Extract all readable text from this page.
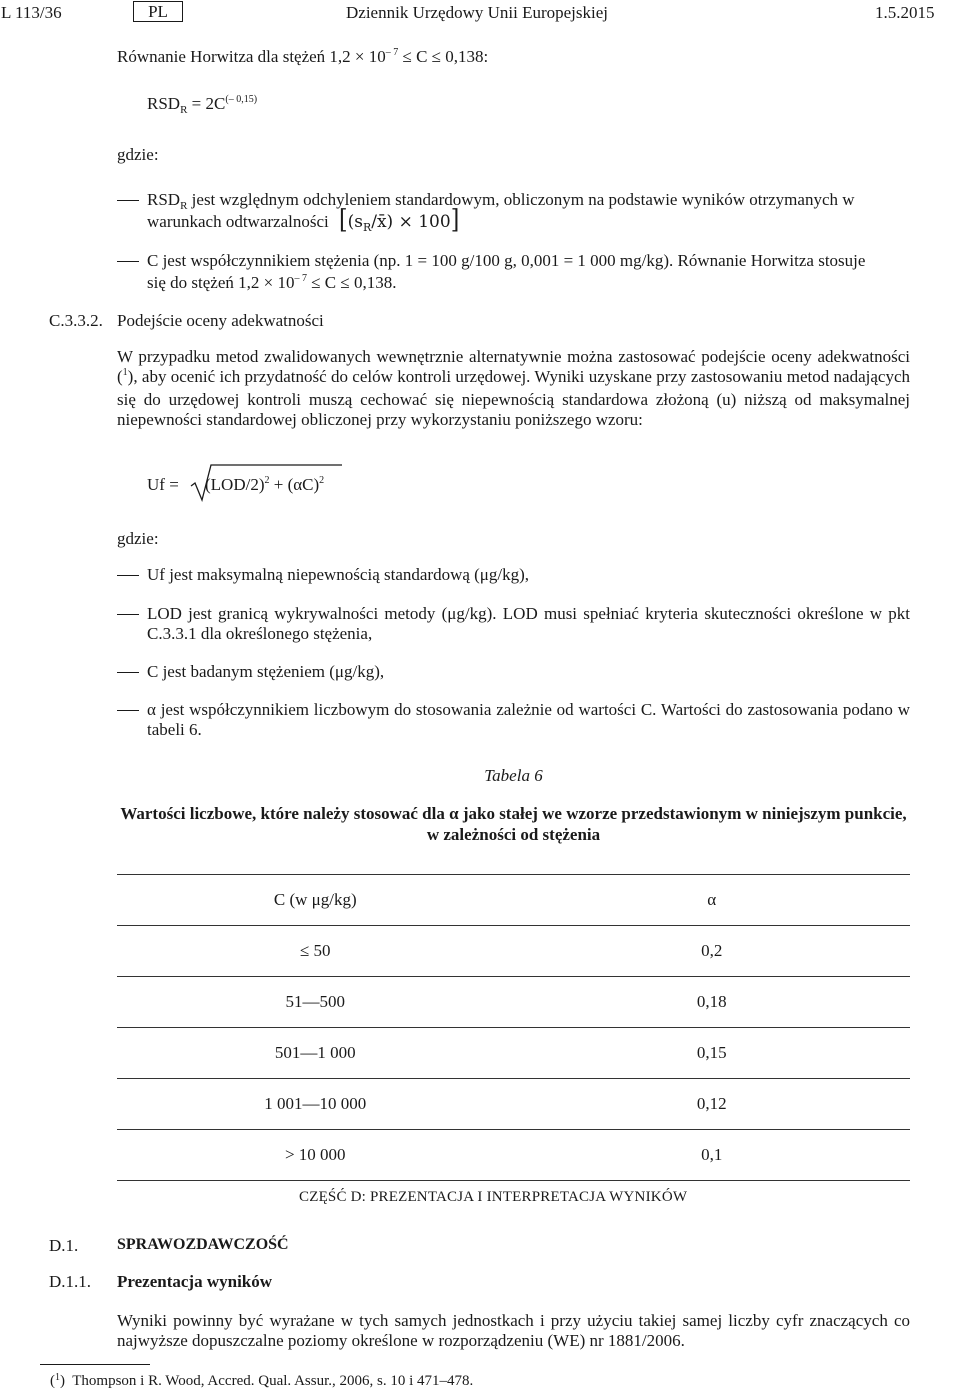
L 113/36	PL	Dziennik Urzędowy Unii Europejskiej	1.5.2015
Równanie Horwitza dla stężeń $1,2 \times 10^{- 7} \le C \le 0,138$:
$RSD_R = 2C^{(- 0,15)}$
gdzie:
$RSD_R$ jest względnym odchyleniem standardowym, obliczonym na podstawie wyników otrzymanych w
warunkach odtwarzalności $[(s_R/x̄) \times 100]$
C jest współczynnikiem stężenia (np. 1 = 100 g/100 g, 0,001 = 1 000 mg/kg). Równanie Horwitza stosuje
się do stężeń $1,2 \times 10^{- 7} \le C \le 0,138$.
C.3.3.2. Podejście oceny adekwatności
W przypadku metod zwalidowanych wewnętrznie alternatywnie można zastosować podejście oceny adekwatności ($^1$), aby ocenić ich przydatność do celów kontroli urzędowej. Wyniki uzyskane przy zastosowaniu metod nadających się do urzędowej kontroli muszą cechować się niepewnością standardowa złożoną (u) niższą od maksymalnej niepewności standardowej obliczonej przy wykorzystaniu poniższego wzoru:
$Uf = (LOD/2)^2 + (\alpha C)^2$
gdzie:
Uf jest maksymalną niepewnością standardową (μg/kg),
LOD jest granicą wykrywalności metody (μg/kg). LOD musi spełniać kryteria skuteczności określone w pkt C.3.3.1 dla określonego stężenia,
C jest badanym stężeniem (μg/kg),
α jest współczynnikiem liczbowym do stosowania zależnie od wartości C. Wartości do zastosowania podano w tabeli 6.
Tabela 6
Wartości liczbowe, które należy stosować dla α jako stałej we wzorze przedstawionym w niniejszym punkcie, w zależności od stężenia
C (w μg/kg)	α
≤ 50	0,2
51—500	0,18
501—1 000	0,15
1 001—10 000	0,12
> 10 000	0,1
CZĘŚĆ D: PREZENTACJA I INTERPRETACJA WYNIKÓW
D.1. SPRAWOZDAWCZOŚĆ
D.1.1. Prezentacja wyników
Wyniki powinny być wyrażane w tych samych jednostkach i przy użyciu takiej samej liczby cyfr znaczących co najwyższe dopuszczalne poziomy określone w rozporządzeniu (WE) nr 1881/2006.
($^1$)  Thompson i R. Wood, Accred. Qual. Assur., 2006, s. 10 i 471–478.
